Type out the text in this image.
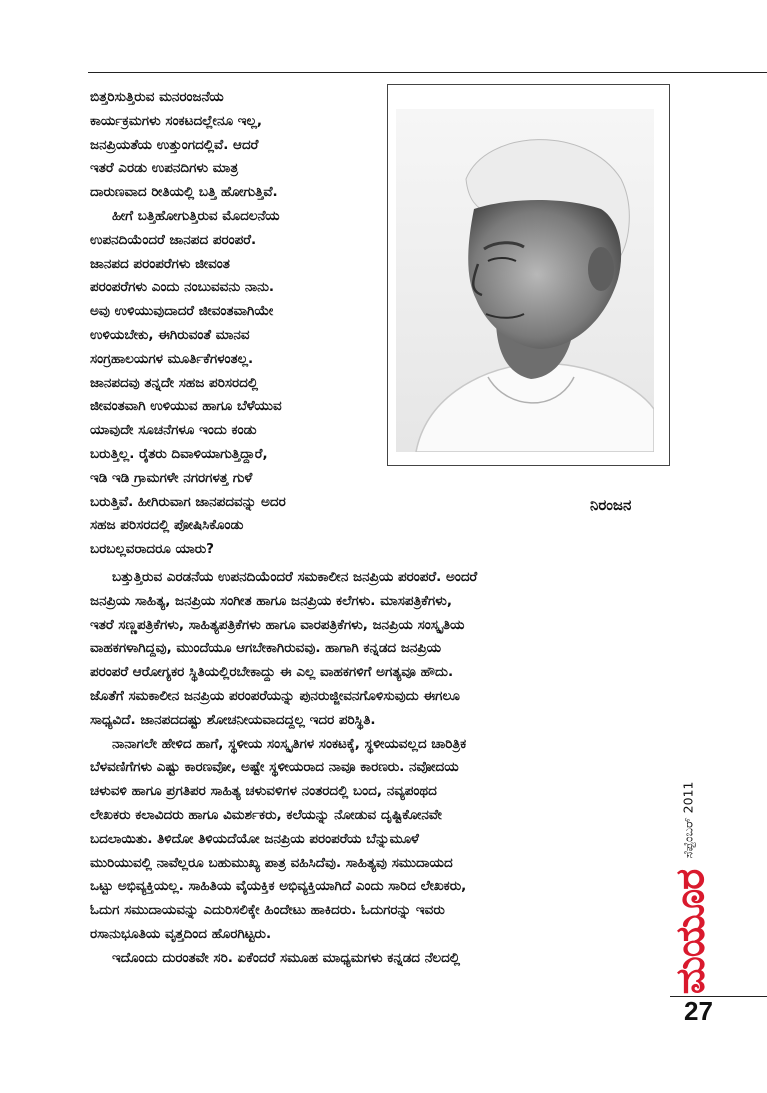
ಬಿತ್ತರಿಸುತ್ತಿರುವ ಮನರಂಜನೆಯ
ಕಾರ್ಯಕ್ರಮಗಳು ಸಂಕಟದಲ್ಲೇನೂ ಇಲ್ಲ,
ಜನಪ್ರಿಯತೆಯ ಉತ್ತುಂಗದಲ್ಲಿವೆ. ಆದರೆ
ಇತರೆ ಎರಡು ಉಪನದಿಗಳು ಮಾತ್ರ
ದಾರುಣವಾದ ರೀತಿಯಲ್ಲಿ ಬತ್ತಿ ಹೋಗುತ್ತಿವೆ.
ಹೀಗೆ ಬತ್ತಿಹೋಗುತ್ತಿರುವ ಮೊದಲನೆಯ
ಉಪನದಿಯೆಂದರೆ ಜಾನಪದ ಪರಂಪರೆ.
ಜಾನಪದ ಪರಂಪರೆಗಳು ಜೀವಂತ
ಪರಂಪರೆಗಳು ಎಂದು ನಂಬುವವನು ನಾನು.
ಅವು ಉಳಿಯುವುದಾದರೆ ಜೀವಂತವಾಗಿಯೇ
ಉಳಿಯಬೇಕು, ಈಗಿರುವಂತೆ ಮಾನವ
ಸಂಗ್ರಹಾಲಯಗಳ ಮೂರ್ತಿಕೆಗಳಂತಲ್ಲ.
ಜಾನಪದವು ತನ್ನದೇ ಸಹಜ ಪರಿಸರದಲ್ಲಿ
ಜೀವಂತವಾಗಿ ಉಳಿಯುವ ಹಾಗೂ ಬೆಳೆಯುವ
ಯಾವುದೇ ಸೂಚನೆಗಳೂ ಇಂದು ಕಂಡು
ಬರುತ್ತಿಲ್ಲ. ರೈತರು ದಿವಾಳಿಯಾಗುತ್ತಿದ್ದಾರೆ,
ಇಡಿ ಇಡಿ ಗ್ರಾಮಗಳೇ ನಗರಗಳತ್ತ ಗುಳೆ
ಬರುತ್ತಿವೆ. ಹೀಗಿರುವಾಗ ಜಾನಪದವನ್ನು ಅದರ
ಸಹಜ ಪರಿಸರದಲ್ಲಿ ಪೋಷಿಸಿಕೊಂಡು
ಬರಬಲ್ಲವರಾದರೂ ಯಾರು?
ನಿರಂಜನ
ಬತ್ತುತ್ತಿರುವ ಎರಡನೆಯ ಉಪನದಿಯೆಂದರೆ ಸಮಕಾಲೀನ ಜನಪ್ರಿಯ ಪರಂಪರೆ. ಅಂದರೆ
ಜನಪ್ರಿಯ ಸಾಹಿತ್ಯ, ಜನಪ್ರಿಯ ಸಂಗೀತ ಹಾಗೂ ಜನಪ್ರಿಯ ಕಲೆಗಳು. ಮಾಸಪತ್ರಿಕೆಗಳು,
ಇತರೆ ಸಣ್ಣಪತ್ರಿಕೆಗಳು, ಸಾಹಿತ್ಯಪತ್ರಿಕೆಗಳು ಹಾಗೂ ವಾರಪತ್ರಿಕೆಗಳು, ಜನಪ್ರಿಯ ಸಂಸ್ಕೃತಿಯ
ವಾಹಕಗಳಾಗಿದ್ದವು, ಮುಂದೆಯೂ ಆಗಬೇಕಾಗಿರುವವು. ಹಾಗಾಗಿ ಕನ್ನಡದ ಜನಪ್ರಿಯ
ಪರಂಪರೆ ಆರೋಗ್ಯಕರ ಸ್ಥಿತಿಯಲ್ಲಿರಬೇಕಾದ್ದು ಈ ಎಲ್ಲ ವಾಹಕಗಳಿಗೆ ಅಗತ್ಯವೂ ಹೌದು.
ಜೊತೆಗೆ ಸಮಕಾಲೀನ ಜನಪ್ರಿಯ ಪರಂಪರೆಯನ್ನು ಪುನರುಜ್ಜೀವನಗೊಳಿಸುವುದು ಈಗಲೂ
ಸಾಧ್ಯವಿದೆ. ಜಾನಪದದಷ್ಟು ಶೋಚನೀಯವಾದದ್ದಲ್ಲ ಇದರ ಪರಿಸ್ಥಿತಿ.
ನಾನಾಗಲೇ ಹೇಳಿದ ಹಾಗೆ, ಸ್ಥಳೀಯ ಸಂಸ್ಕೃತಿಗಳ ಸಂಕಟಕ್ಕೆ, ಸ್ಥಳೀಯವಲ್ಲದ ಚಾರಿತ್ರಿಕ
ಬೆಳವಣಿಗೆಗಳು ಎಷ್ಟು ಕಾರಣವೋ, ಅಷ್ಟೇ ಸ್ಥಳೀಯರಾದ ನಾವೂ ಕಾರಣರು. ನವೋದಯ
ಚಳುವಳಿ ಹಾಗೂ ಪ್ರಗತಿಪರ ಸಾಹಿತ್ಯ ಚಳುವಳಿಗಳ ನಂತರದಲ್ಲಿ ಬಂದ, ನವ್ಯಪಂಥದ
ಲೇಖಕರು ಕಲಾವಿದರು ಹಾಗೂ ವಿಮರ್ಶಕರು, ಕಲೆಯನ್ನು ನೋಡುವ ದೃಷ್ಟಿಕೋನವೇ
ಬದಲಾಯಿತು. ತಿಳಿದೋ ತಿಳಿಯದೆಯೋ ಜನಪ್ರಿಯ ಪರಂಪರೆಯ ಬೆನ್ನುಮೂಳೆ
ಮುರಿಯುವಲ್ಲಿ ನಾವೆಲ್ಲರೂ ಬಹುಮುಖ್ಯ ಪಾತ್ರ ವಹಿಸಿದೆವು. ಸಾಹಿತ್ಯವು ಸಮುದಾಯದ
ಒಟ್ಟು ಅಭಿವ್ಯಕ್ತಿಯಲ್ಲ. ಸಾಹಿತಿಯ ವೈಯಕ್ತಿಕ ಅಭಿವ್ಯಕ್ತಿಯಾಗಿದೆ ಎಂದು ಸಾರಿದ ಲೇಖಕರು,
ಓದುಗ ಸಮುದಾಯವನ್ನು ಎದುರಿಸಲಿಕ್ಕೇ ಹಿಂದೇಟು ಹಾಕಿದರು. ಓದುಗರನ್ನು ಇವರು
ರಸಾನುಭೂತಿಯ ವೃತ್ತದಿಂದ ಹೊರಗಿಟ್ಟರು.
ಇದೊಂದು ದುರಂತವೇ ಸರಿ. ಏಕೆಂದರೆ ಸಮೂಹ ಮಾಧ್ಯಮಗಳು ಕನ್ನಡದ ನೆಲದಲ್ಲಿ
ಸೆಪ್ಟೆಂಬರ್ 2011
ಮಯೂರ
27
